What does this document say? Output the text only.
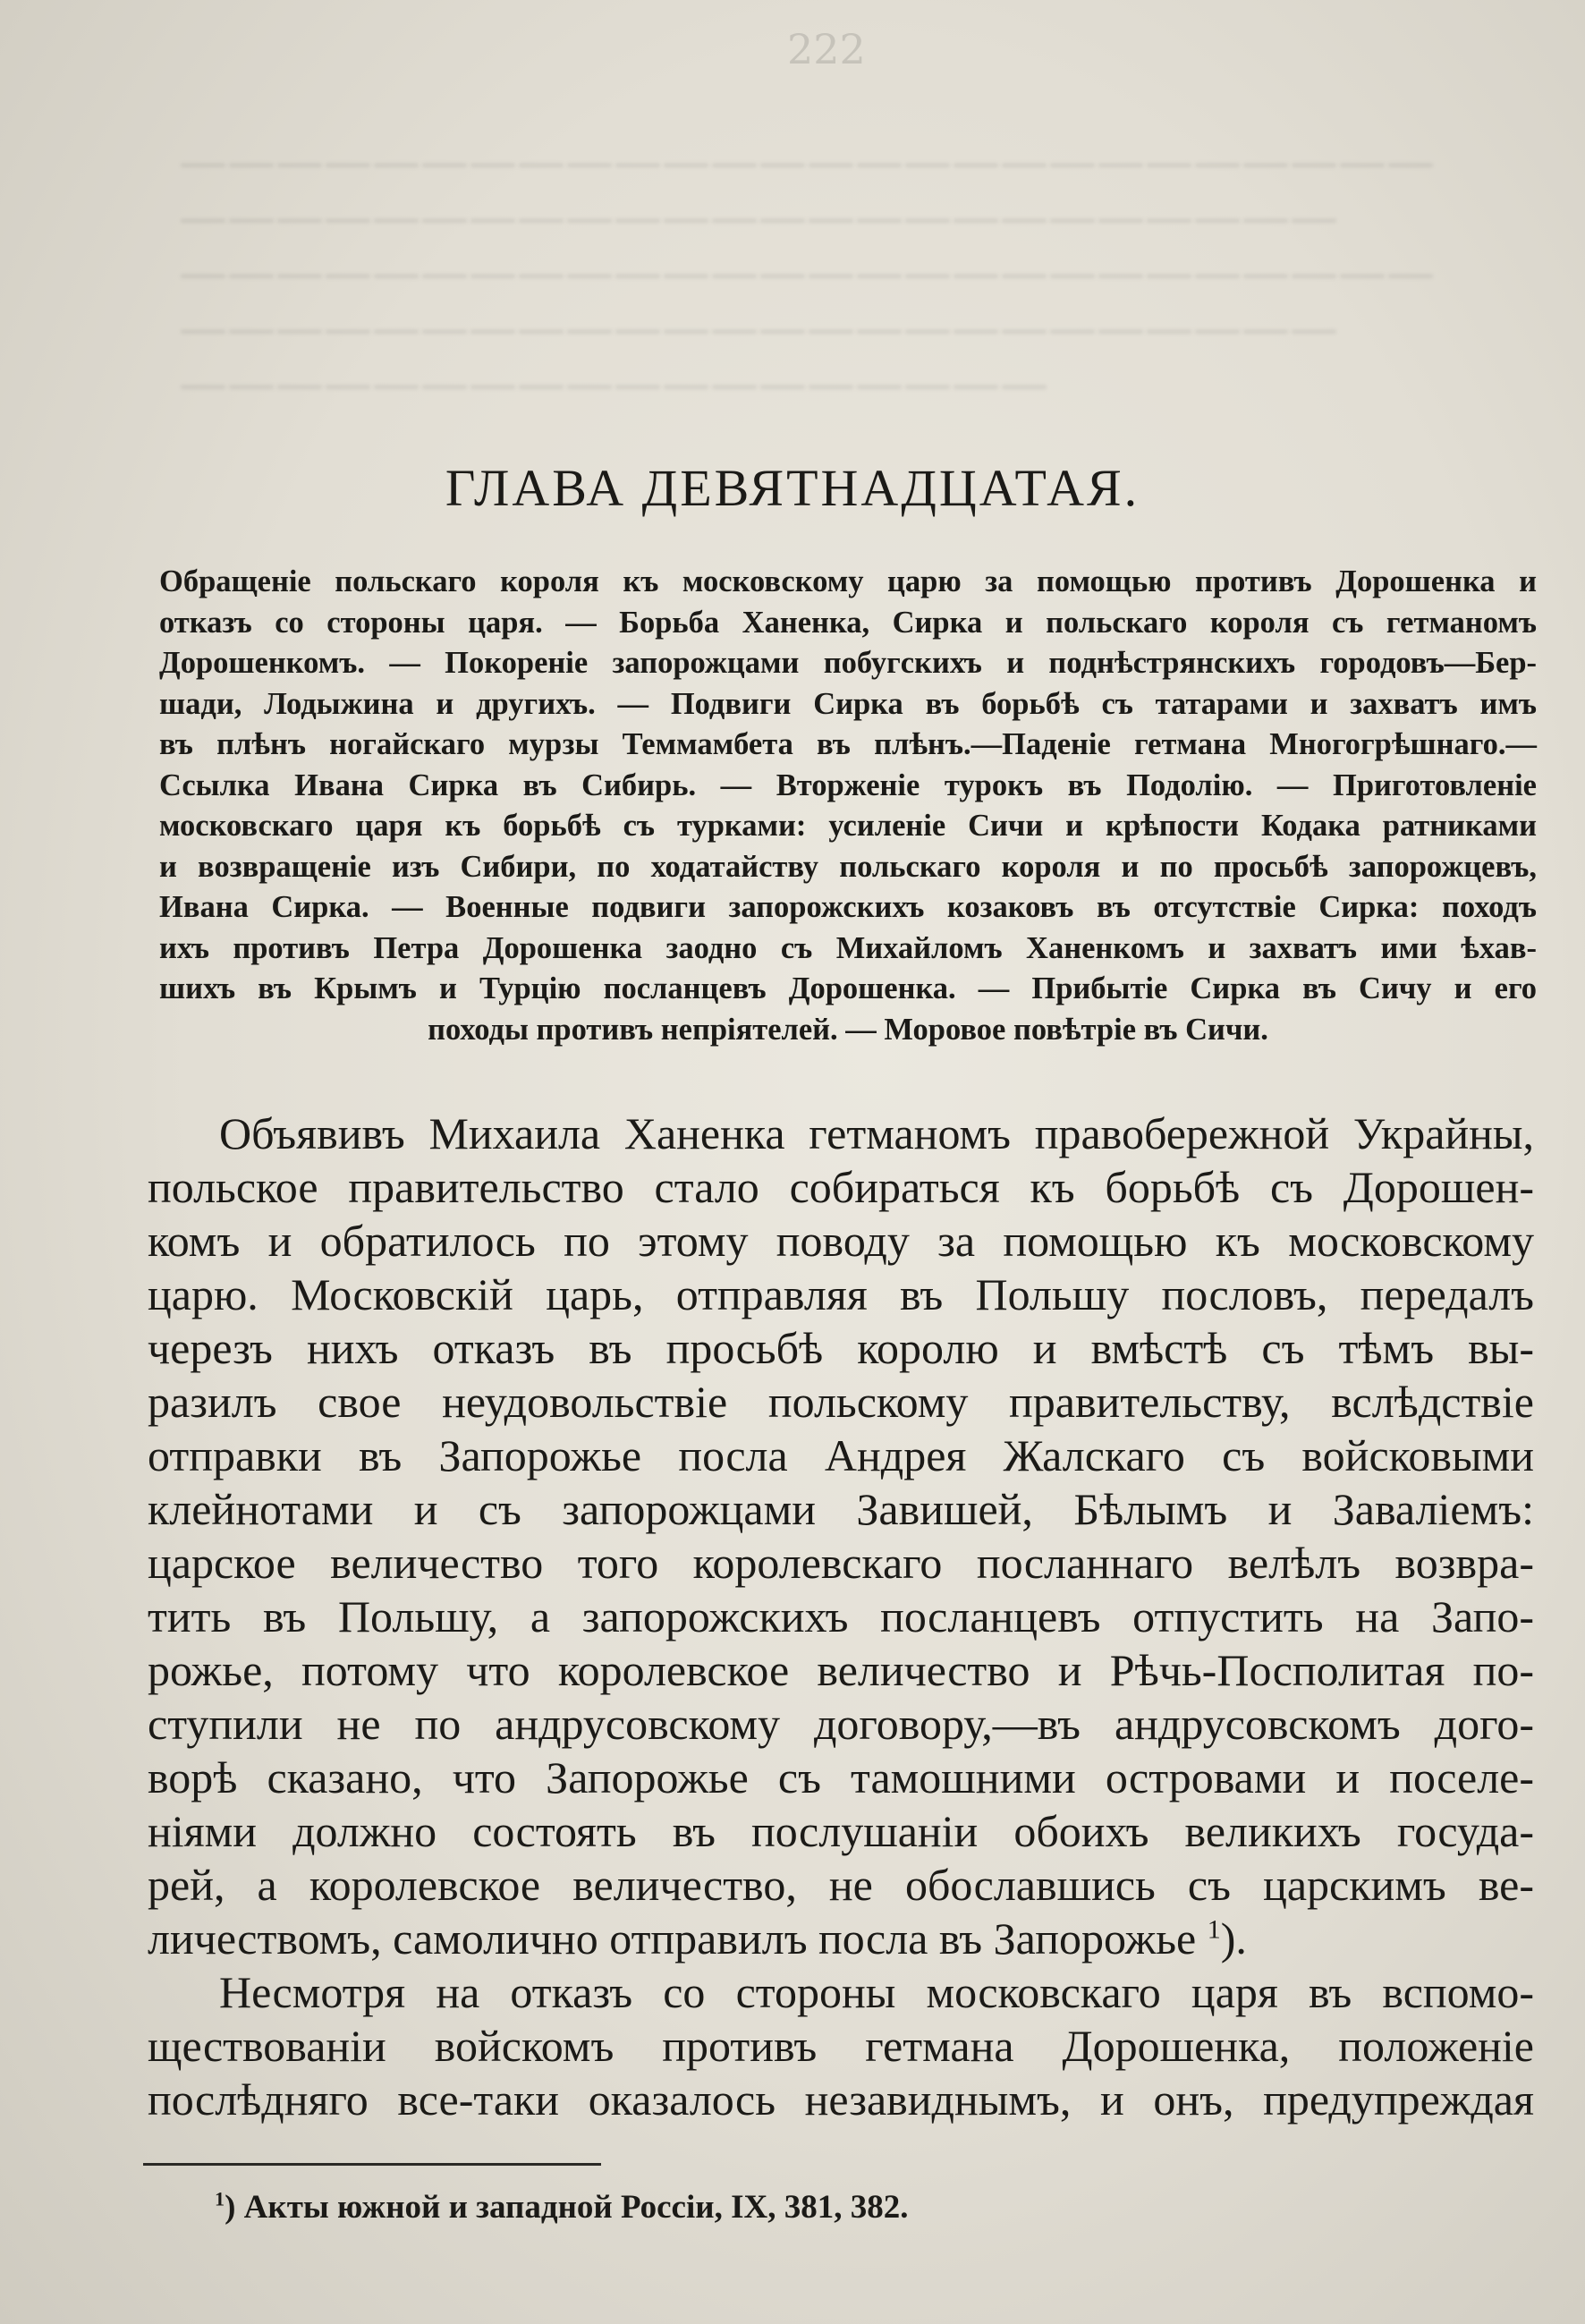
222
——————————————————————————
————————————————————————
——————————————————————————
————————————————————————
——————————————————
ГЛАВА ДЕВЯТНАДЦАТАЯ.
Обращеніе польскаго короля къ московскому царю за помощью противъ Дорошенка и
отказъ со стороны царя. — Борьба Ханенка, Сирка и польскаго короля съ гетманомъ
Дорошенкомъ. — Покореніе запорожцами побугскихъ и поднѣстрянскихъ городовъ—Бер-
шади, Лодыжина и другихъ. — Подвиги Сирка въ борьбѣ съ татарами и захватъ имъ
въ плѣнъ ногайскаго мурзы Теммамбета въ плѣнъ.—Паденіе гетмана Многогрѣшнаго.—
Ссылка Ивана Сирка въ Сибирь. — Вторженіе турокъ въ Подолію. — Приготовленіе
московскаго царя къ борьбѣ съ турками: усиленіе Сичи и крѣпости Кодака ратниками
и возвращеніе изъ Сибири, по ходатайству польскаго короля и по просьбѣ запорожцевъ,
Ивана Сирка. — Военные подвиги запорожскихъ козаковъ въ отсутствіе Сирка: походъ
ихъ противъ Петра Дорошенка заодно съ Михайломъ Ханенкомъ и захватъ ими ѣхав-
шихъ въ Крымъ и Турцію посланцевъ Дорошенка. — Прибытіе Сирка въ Сичу и его
походы противъ непріятелей. — Моровое повѣтріе въ Сичи.
Объявивъ Михаила Ханенка гетманомъ правобережной Украйны,
польское правительство стало собираться къ борьбѣ съ Дорошен-
комъ и обратилось по этому поводу за помощью къ московскому
царю. Московскій царь, отправляя въ Польшу пословъ, передалъ
черезъ нихъ отказъ въ просьбѣ королю и вмѣстѣ съ тѣмъ вы-
разилъ свое неудовольствіе польскому правительству, вслѣдствіе
отправки въ Запорожье посла Андрея Жалскаго съ войсковыми
клейнотами и съ запорожцами Завишей, Бѣлымъ и Завалiемъ:
царское величество того королевскаго посланнаго велѣлъ возвра-
тить въ Польшу, а запорожскихъ посланцевъ отпустить на Запо-
рожье, потому что королевское величество и Рѣчь-Посполитая по-
ступили не по андрусовскому договору,—въ андрусовскомъ дого-
ворѣ сказано, что Запорожье съ тамошними островами и поселе-
ніями должно состоять въ послушаніи обоихъ великихъ госуда-
рей, а королевское величество, не обославшись съ царскимъ ве-
личествомъ, самолично отправилъ посла въ Запорожье $^1$).
Несмотря на отказъ со стороны московскаго царя въ вспомо-
ществованіи войскомъ противъ гетмана Дорошенка, положеніе
послѣдняго все-таки оказалось незавиднымъ, и онъ, предупреждая
$^1$) Акты южной и западной Россіи, IX, 381, 382.
